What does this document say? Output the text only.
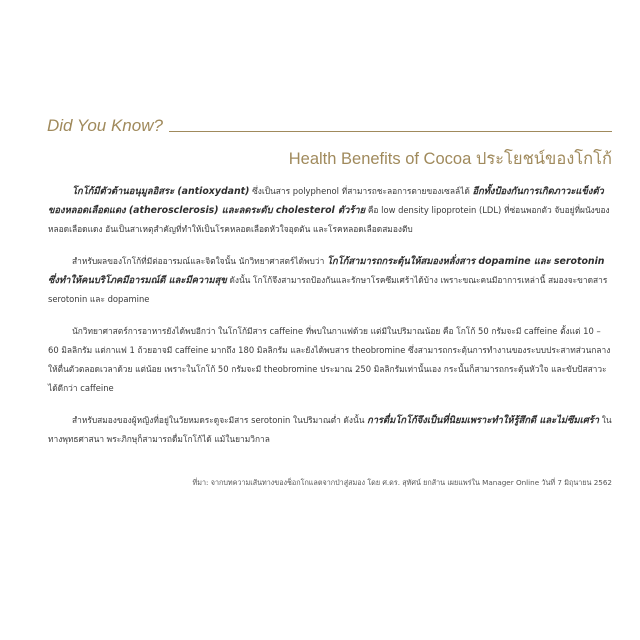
Did You Know?
Health Benefits of Cocoa ประโยชน์ของโกโก้

โกโก้มีตัวต้านอนุมูลอิสระ (antioxydant) ซึ่งเป็นสาร polyphenol ที่สามารถชะลอการตายของเซลล์ได้ อีกทั้งป้องกันการเกิดภาวะแข็งตัวของหลอดเลือดแดง (atherosclerosis) และลดระดับ cholesterol ตัวร้าย คือ low density lipoprotein (LDL) ที่ซ่อนพอกตัว จับอยู่ที่ผนังของหลอดเลือดแดง อันเป็นสาเหตุสำคัญที่ทำให้เป็นโรคหลอดเลือดหัวใจอุดตัน และโรคหลอดเลือดสมองตีบ

สำหรับผลของโกโก้ที่มีต่ออารมณ์และจิตใจนั้น นักวิทยาศาสตร์ได้พบว่า โกโก้สามารถกระตุ้นให้สมองหลั่งสาร dopamine และ serotonin ซึ่งทำให้คนบริโภคมีอารมณ์ดี และมีความสุข ดังนั้น โกโก้จึงสามารถป้องกันและรักษาโรคซึมเศร้าได้บ้าง เพราะขณะคนมีอาการเหล่านี้ สมองจะขาดสาร serotonin และ dopamine

นักวิทยาศาสตร์การอาหารยังได้พบอีกว่า ในโกโก้มีสาร caffeine ที่พบในกาแฟด้วย แต่มีในปริมาณน้อย คือ โกโก้ 50 กรัมจะมี caffeine ตั้งแต่ 10 – 60 มิลลิกรัม แต่กาแฟ 1 ถ้วยอาจมี caffeine มากถึง 180 มิลลิกรัม และยังได้พบสาร theobromine ซึ่งสามารถกระตุ้นการทำงานของระบบประสาทส่วนกลางให้ตื่นตัวตลอดเวลาด้วย แต่น้อย เพราะในโกโก้ 50 กรัมจะมี theobromine ประมาณ 250 มิลลิกรัมเท่านั้นเอง กระนั้นก็สามารถกระตุ้นหัวใจ และขับปัสสาวะได้ดีกว่า caffeine

สำหรับสมองของผู้หญิงที่อยู่ในวัยหมดระดูจะมีสาร serotonin ในปริมาณต่ำ ดังนั้น การดื่มโกโก้จึงเป็นที่นิยมเพราะทำให้รู้สึกดี และไม่ซึมเศร้า ในทางพุทธศาสนา พระภิกษุก็สามารถดื่มโกโก้ได้ แม้ในยามวิกาล

ที่มา: จากบทความเส้นทางของช็อกโกแลตจากป่าสู่สมอง โดย ศ.ดร. สุทัศน์ ยกส้าน เผยแพร่ใน Manager Online วันที่ 7 มิถุนายน 2562
